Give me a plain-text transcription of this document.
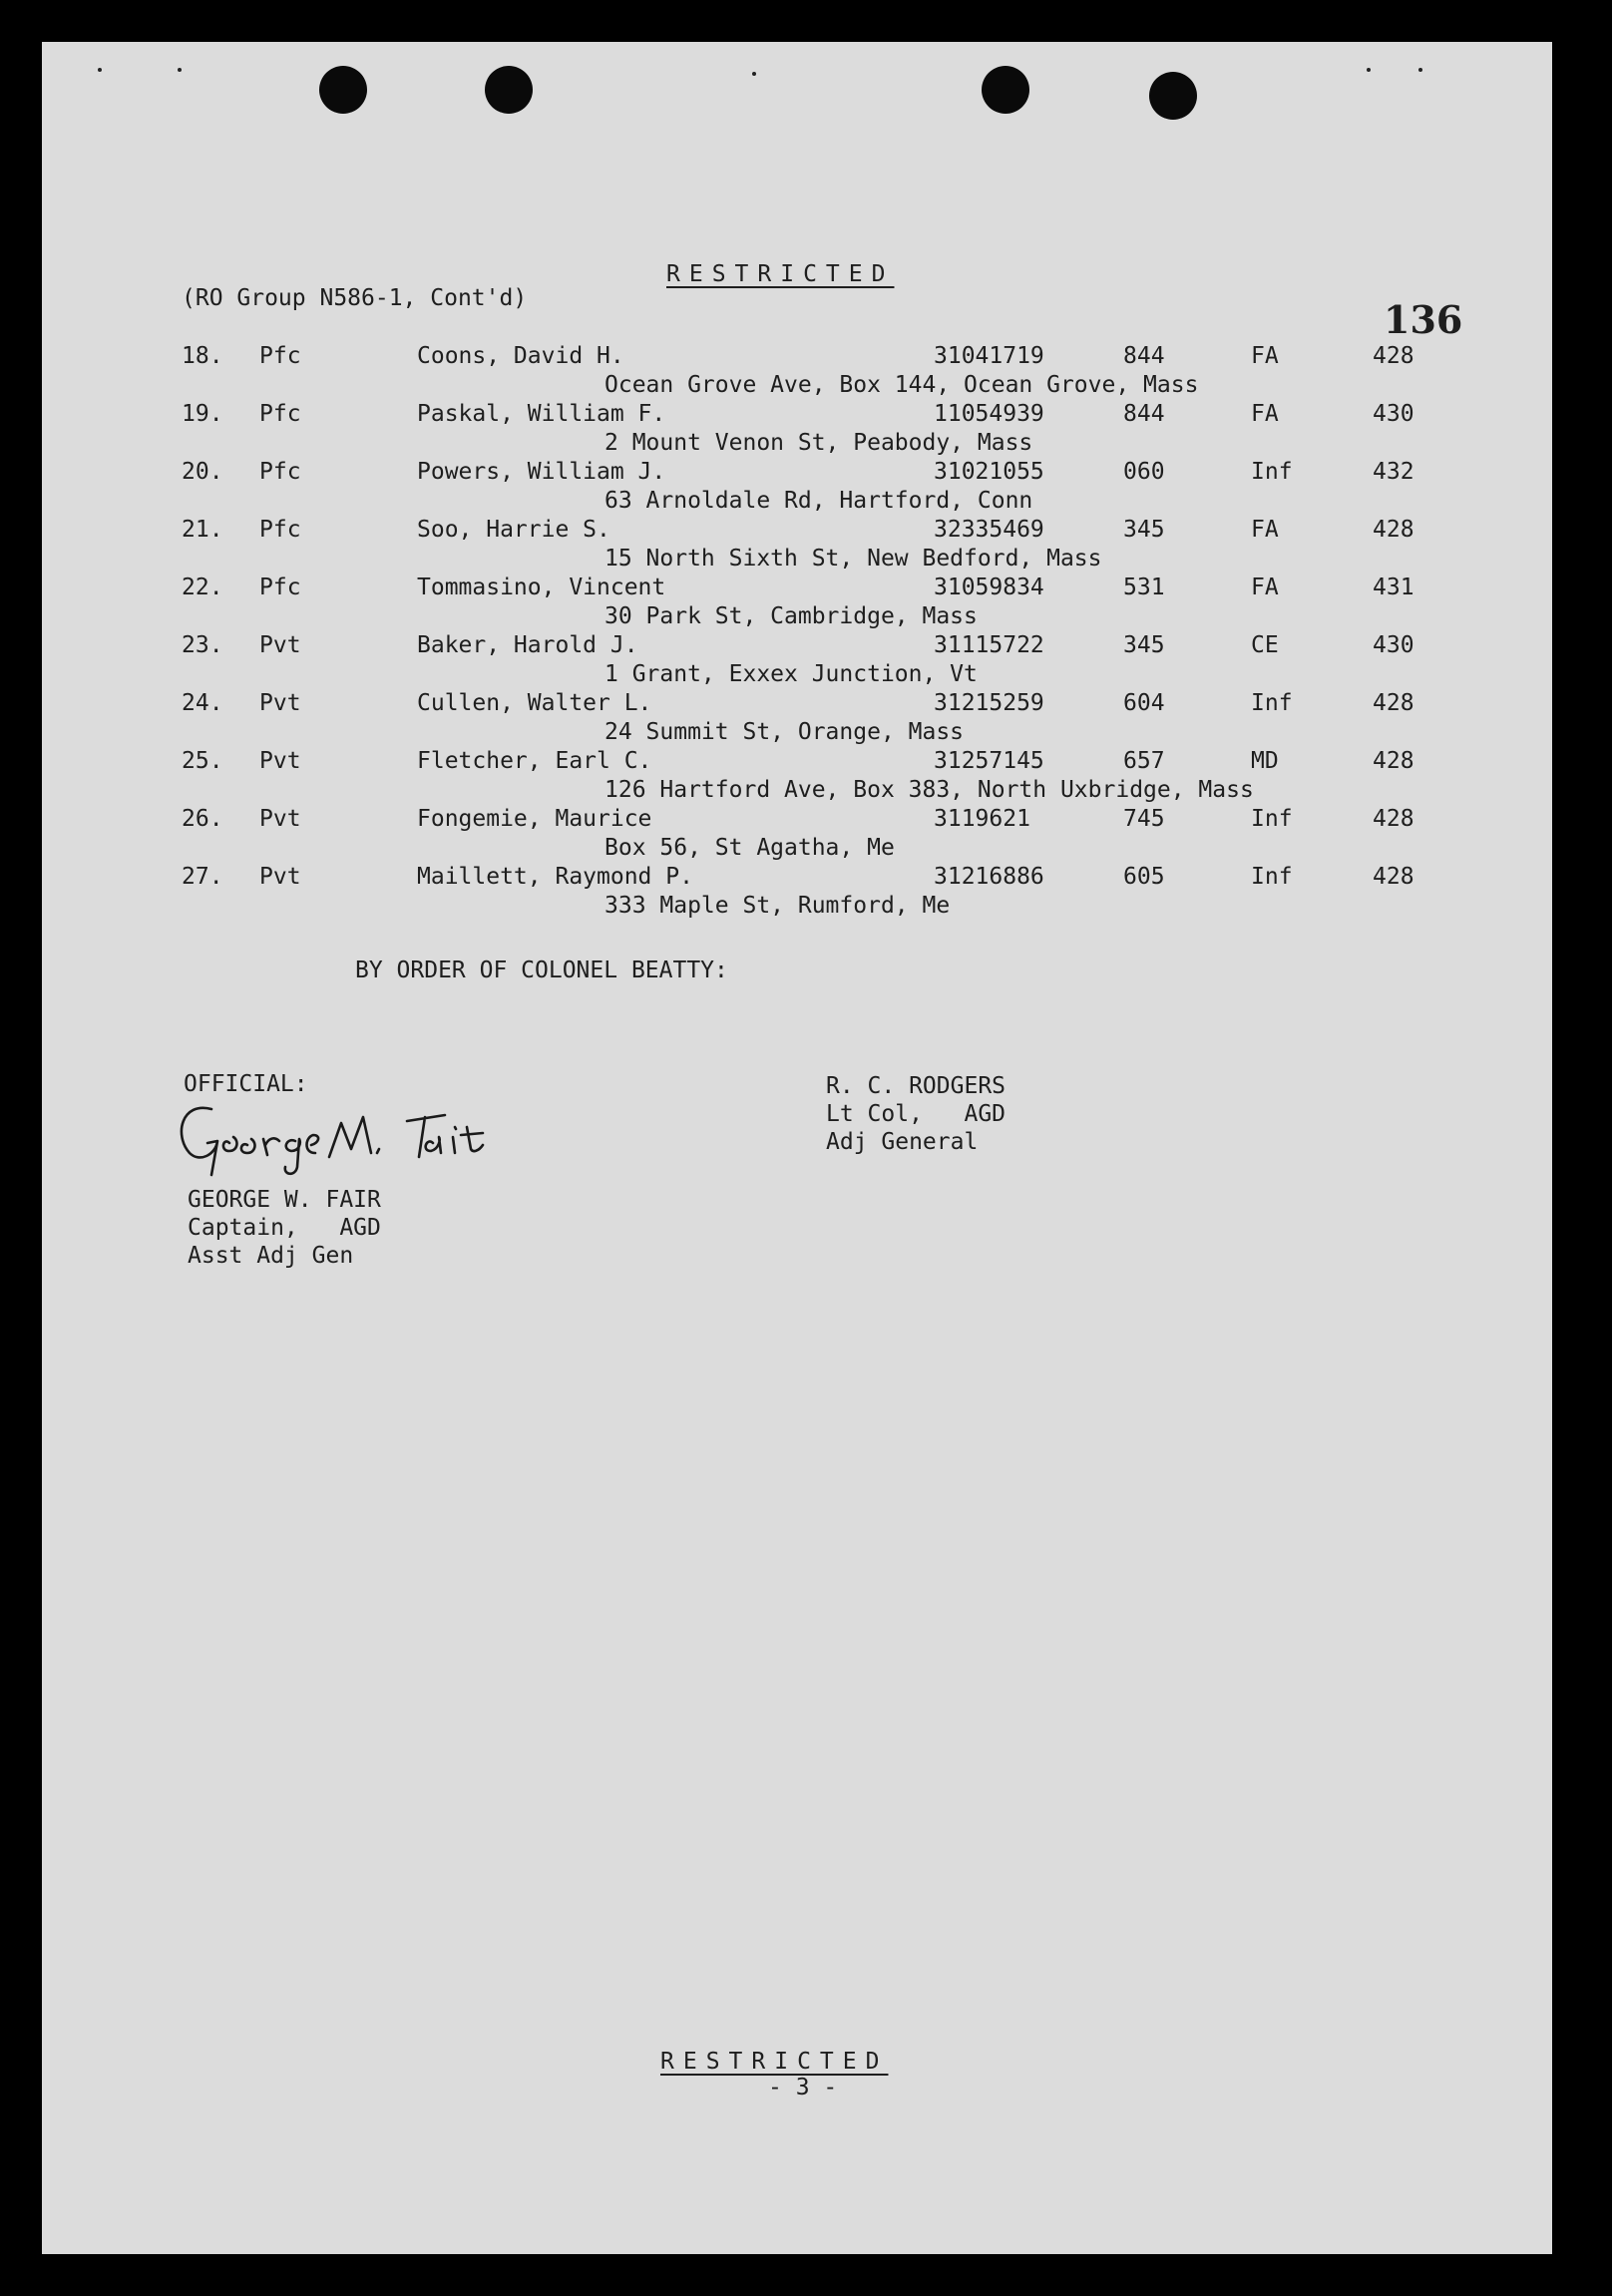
RESTRICTED
(RO Group N586-1, Cont'd)	136
18. Pfc	Coons, David H.	31041719	844	FA	428
Ocean Grove Ave, Box 144, Ocean Grove, Mass
19. Pfc	Paskal, William F.	11054939	844	FA	430
2 Mount Venon St, Peabody, Mass
20. Pfc	Powers, William J.	31021055	060	Inf	432
63 Arnoldale Rd, Hartford, Conn
21. Pfc	Soo, Harrie S.	32335469	345	FA	428
15 North Sixth St, New Bedford, Mass
22. Pfc	Tommasino, Vincent	31059834	531	FA	431
30 Park St, Cambridge, Mass
23. Pvt	Baker, Harold J.	31115722	345	CE	430
1 Grant, Exxex Junction, Vt
24. Pvt	Cullen, Walter L.	31215259	604	Inf	428
24 Summit St, Orange, Mass
25. Pvt	Fletcher, Earl C.	31257145	657	MD	428
126 Hartford Ave, Box 383, North Uxbridge, Mass
26. Pvt	Fongemie, Maurice	3119621	745	Inf	428
Box 56, St Agatha, Me
27. Pvt	Maillett, Raymond P.	31216886	605	Inf	428
333 Maple St, Rumford, Me
BY ORDER OF COLONEL BEATTY:
OFFICIAL:
GEORGE W. FAIR
Captain,   AGD
Asst Adj Gen
R. C. RODGERS
Lt Col,   AGD
Adj General
RESTRICTED
- 3 -
